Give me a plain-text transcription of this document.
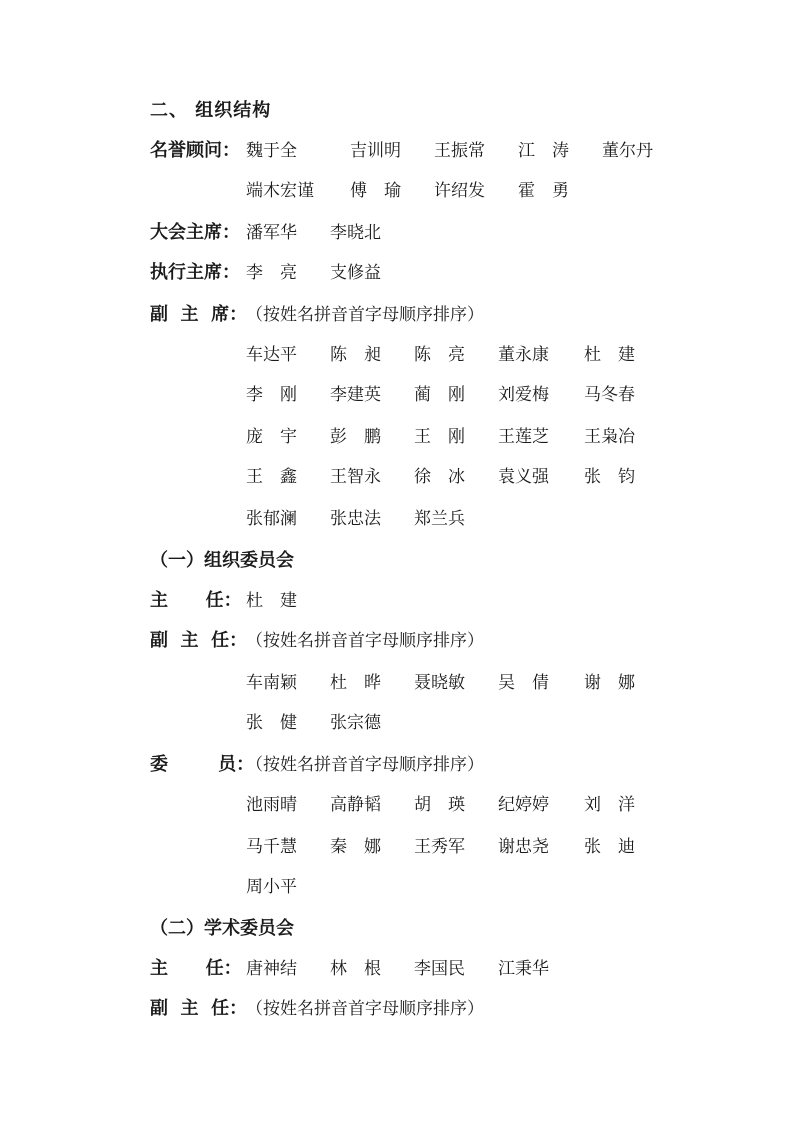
二、 组织结构
名誉顾问： 魏于全	吉训明 王振常 江　涛 董尔丹
端木宏谨 傅　瑜 许绍发 霍　勇
大会主席： 潘军华 李晓北
执行主席： 李　亮 支修益
副  主  席：
（按姓名拼音首字母顺序排序）
车达平 陈　昶 陈　亮 董永康 杜　建
李　刚 李建英 蔺　刚 刘爱梅 马冬春
庞　宇 彭　鹏 王　刚 王莲芝 王枭冶
王　鑫 王智永 徐　冰 袁义强 张　钧
张郁澜 张忠法 郑兰兵
（一）组织委员会
主      任： 杜　建
副  主  任：
（按姓名拼音首字母顺序排序）
车南颖 杜　晔 聂晓敏 吴　倩 谢　娜
张　健 张宗德
委        员：
（按姓名拼音首字母顺序排序）
池雨晴 高静韬 胡　瑛 纪婷婷 刘　洋
马千慧 秦　娜 王秀军 谢忠尧 张　迪
周小平
（二）学术委员会
主      任： 唐神结 林　根 李国民 江秉华
副  主  任：
（按姓名拼音首字母顺序排序）
